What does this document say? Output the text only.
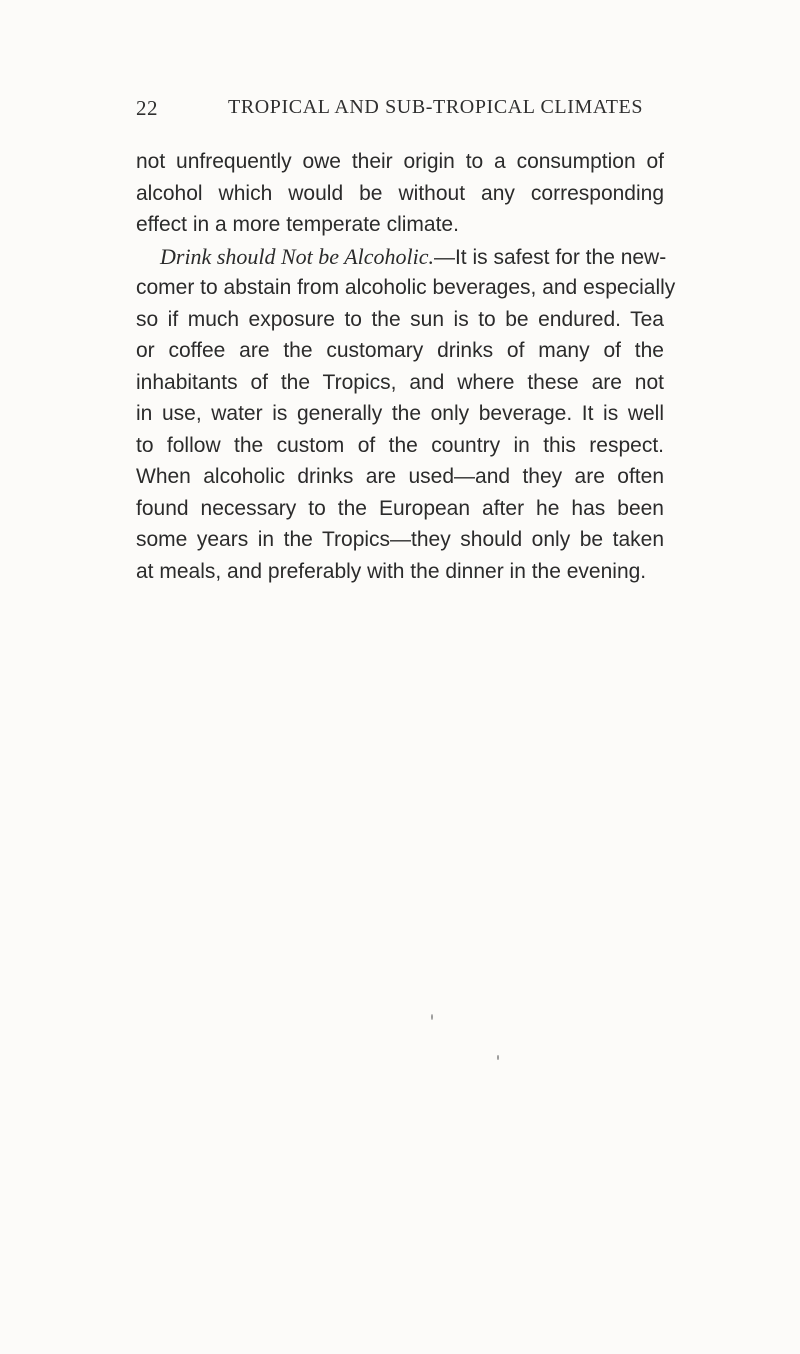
22	TROPICAL AND SUB-TROPICAL CLIMATES
not unfrequently owe their origin to a consumption of
alcohol which would be without any corresponding
effect in a more temperate climate.
Drink should Not be Alcoholic.—It is safest for the new-
comer to abstain from alcoholic beverages, and especially
so if much exposure to the sun is to be endured. Tea
or coffee are the customary drinks of many of the
inhabitants of the Tropics, and where these are not
in use, water is generally the only beverage. It is well
to follow the custom of the country in this respect.
When alcoholic drinks are used—and they are often
found necessary to the European after he has been
some years in the Tropics—they should only be taken
at meals, and preferably with the dinner in the evening.
